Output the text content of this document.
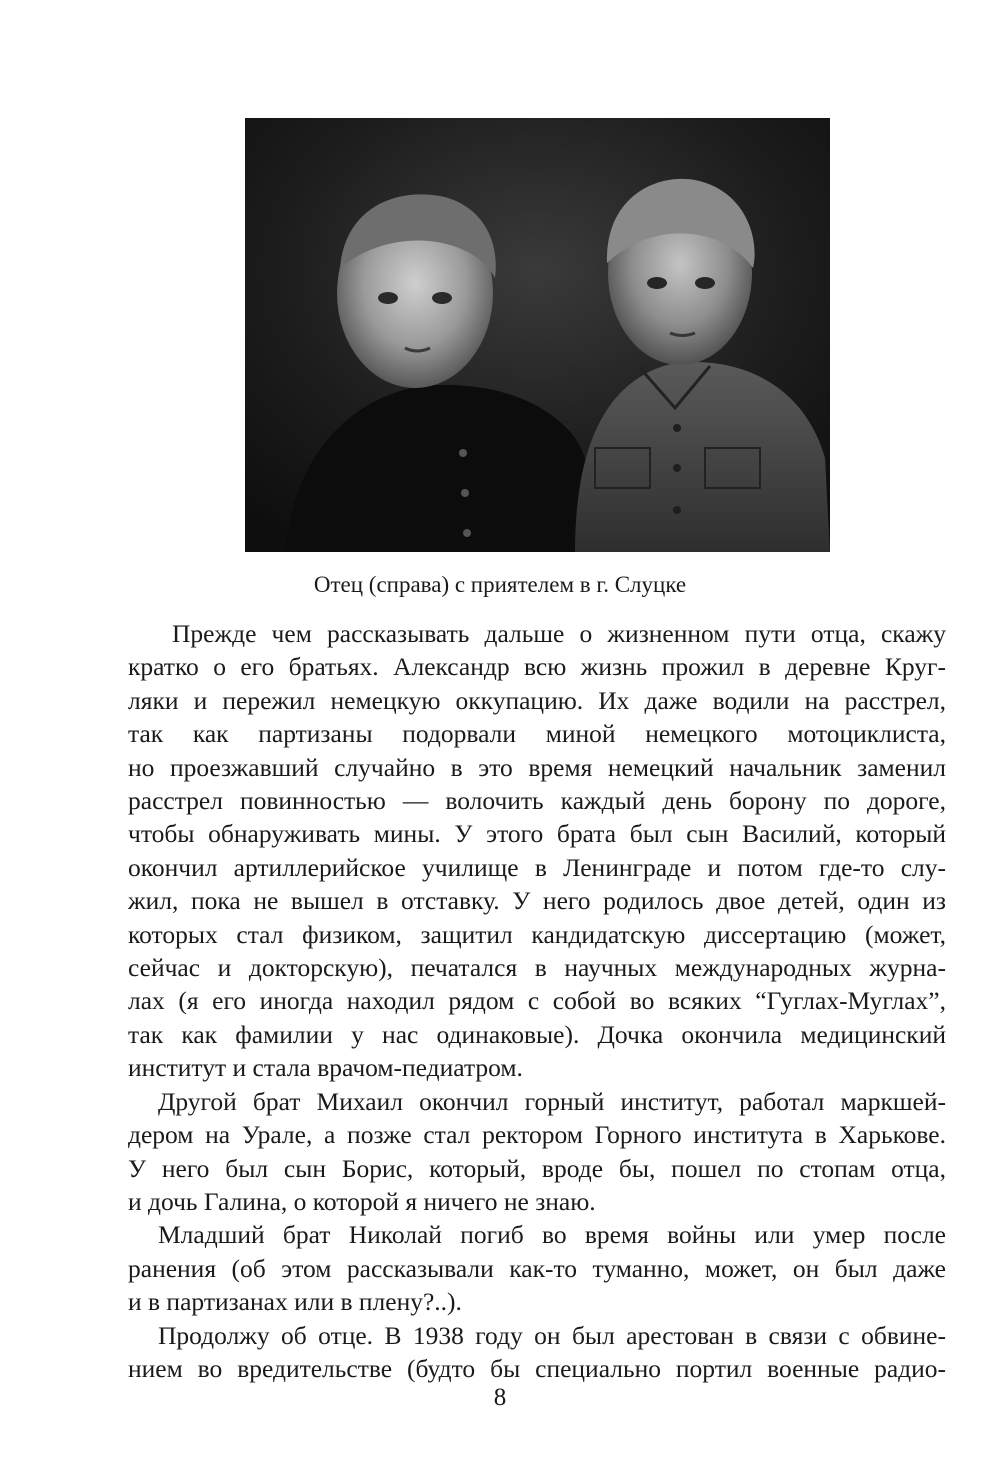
Отец (справа) с приятелем в г. Слуцке
Прежде чем рассказывать дальше о жизненном пути отца, скажу
кратко о его братьях. Александр всю жизнь прожил в деревне Круг-
ляки и пережил немецкую оккупацию. Их даже водили на расстрел,
так как партизаны подорвали миной немецкого мотоциклиста,
но проезжавший случайно в это время немецкий начальник заменил
расстрел повинностью — волочить каждый день борону по дороге,
чтобы обнаруживать мины. У этого брата был сын Василий, который
окончил артиллерийское училище в Ленинграде и потом где-то слу-
жил, пока не вышел в отставку. У него родилось двое детей, один из
которых стал физиком, защитил кандидатскую диссертацию (может,
сейчас и докторскую), печатался в научных международных журна-
лах (я его иногда находил рядом с собой во всяких “Гуглах-Муглах”,
так как фамилии у нас одинаковые). Дочка окончила медицинский
институт и стала врачом-педиатром.
Другой брат Михаил окончил горный институт, работал маркшей-
дером на Урале, а позже стал ректором Горного института в Харькове.
У него был сын Борис, который, вроде бы, пошел по стопам отца,
и дочь Галина, о которой я ничего не знаю.
Младший брат Николай погиб во время войны или умер после
ранения (об этом рассказывали как-то туманно, может, он был даже
и в партизанах или в плену?..).
Продолжу об отце. В 1938 году он был арестован в связи с обвине-
нием во вредительстве (будто бы специально портил военные радио-
8
